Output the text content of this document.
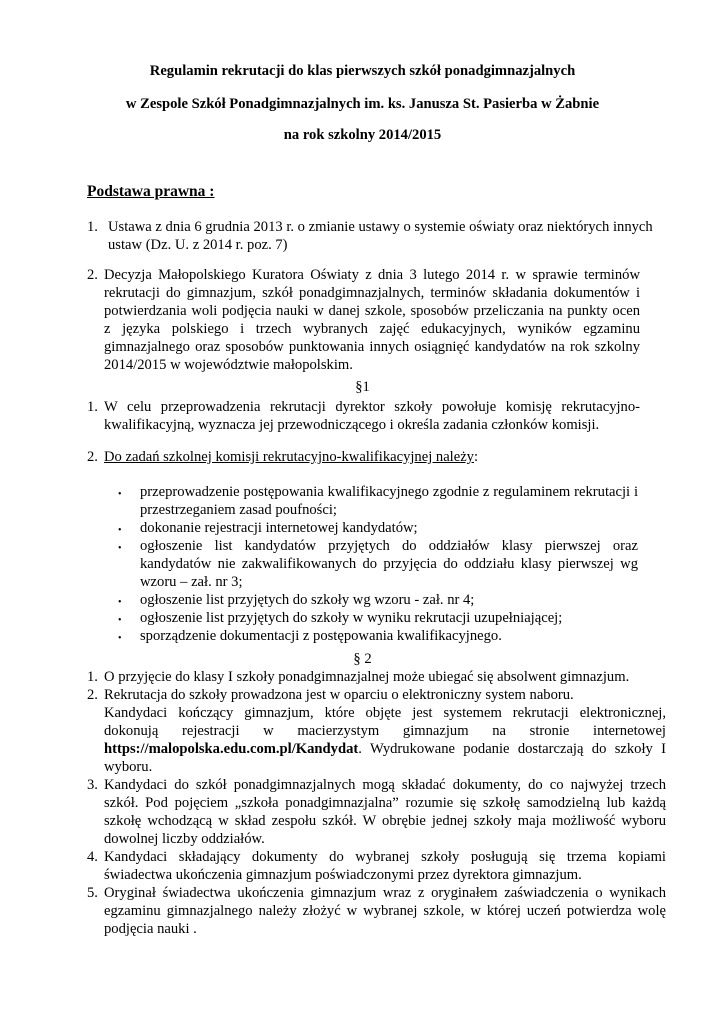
Regulamin rekrutacji do klas pierwszych szkół ponadgimnazjalnych
w Zespole Szkół Ponadgimnazjalnych im. ks. Janusza St. Pasierba w Żabnie
na rok szkolny 2014/2015
Podstawa prawna :
1. Ustawa z dnia 6 grudnia 2013 r. o zmianie ustawy o systemie oświaty oraz niektórych innych
ustaw (Dz. U. z 2014 r. poz. 7)
2. Decyzja Małopolskiego Kuratora Oświaty z dnia 3 lutego 2014 r. w sprawie terminów
rekrutacji do gimnazjum, szkół ponadgimnazjalnych, terminów składania dokumentów i
potwierdzania woli podjęcia nauki w danej szkole, sposobów przeliczania na punkty ocen
z języka polskiego i trzech wybranych zajęć edukacyjnych, wyników egzaminu
gimnazjalnego oraz sposobów punktowania innych osiągnięć kandydatów na rok szkolny
2014/2015 w województwie małopolskim.
§1
1. W celu przeprowadzenia rekrutacji dyrektor szkoły powołuje komisję rekrutacyjno-
kwalifikacyjną, wyznacza jej przewodniczącego i określa zadania członków komisji.
2. Do zadań szkolnej komisji rekrutacyjno-kwalifikacyjnej należy:
• przeprowadzenie postępowania kwalifikacyjnego zgodnie z regulaminem rekrutacji i
przestrzeganiem zasad poufności;
• dokonanie rejestracji internetowej kandydatów;
• ogłoszenie list kandydatów przyjętych do oddziałów klasy pierwszej oraz
kandydatów nie zakwalifikowanych do przyjęcia do oddziału klasy pierwszej wg
wzoru – zał. nr 3;
• ogłoszenie list przyjętych do szkoły wg wzoru - zał. nr 4;
• ogłoszenie list przyjętych do szkoły w wyniku rekrutacji uzupełniającej;
• sporządzenie dokumentacji z postępowania kwalifikacyjnego.
§ 2
1. O przyjęcie do klasy I szkoły ponadgimnazjalnej może ubiegać się absolwent gimnazjum.
2. Rekrutacja do szkoły prowadzona jest w oparciu o elektroniczny system naboru.
Kandydaci kończący gimnazjum, które objęte jest systemem rekrutacji elektronicznej,
dokonują rejestracji w macierzystym gimnazjum na stronie internetowej
https://malopolska.edu.com.pl/Kandydat. Wydrukowane podanie dostarczają do szkoły I
wyboru.
3. Kandydaci do szkół ponadgimnazjalnych mogą składać dokumenty, do co najwyżej trzech
szkół. Pod pojęciem „szkoła ponadgimnazjalna” rozumie się szkołę samodzielną lub każdą
szkołę wchodzącą w skład zespołu szkół. W obrębie jednej szkoły maja możliwość wyboru
dowolnej liczby oddziałów.
4. Kandydaci składający dokumenty do wybranej szkoły posługują się trzema kopiami
świadectwa ukończenia gimnazjum poświadczonymi przez dyrektora gimnazjum.
5. Oryginał świadectwa ukończenia gimnazjum wraz z oryginałem zaświadczenia o wynikach
egzaminu gimnazjalnego należy złożyć w wybranej szkole, w której uczeń potwierdza wolę
podjęcia nauki .
